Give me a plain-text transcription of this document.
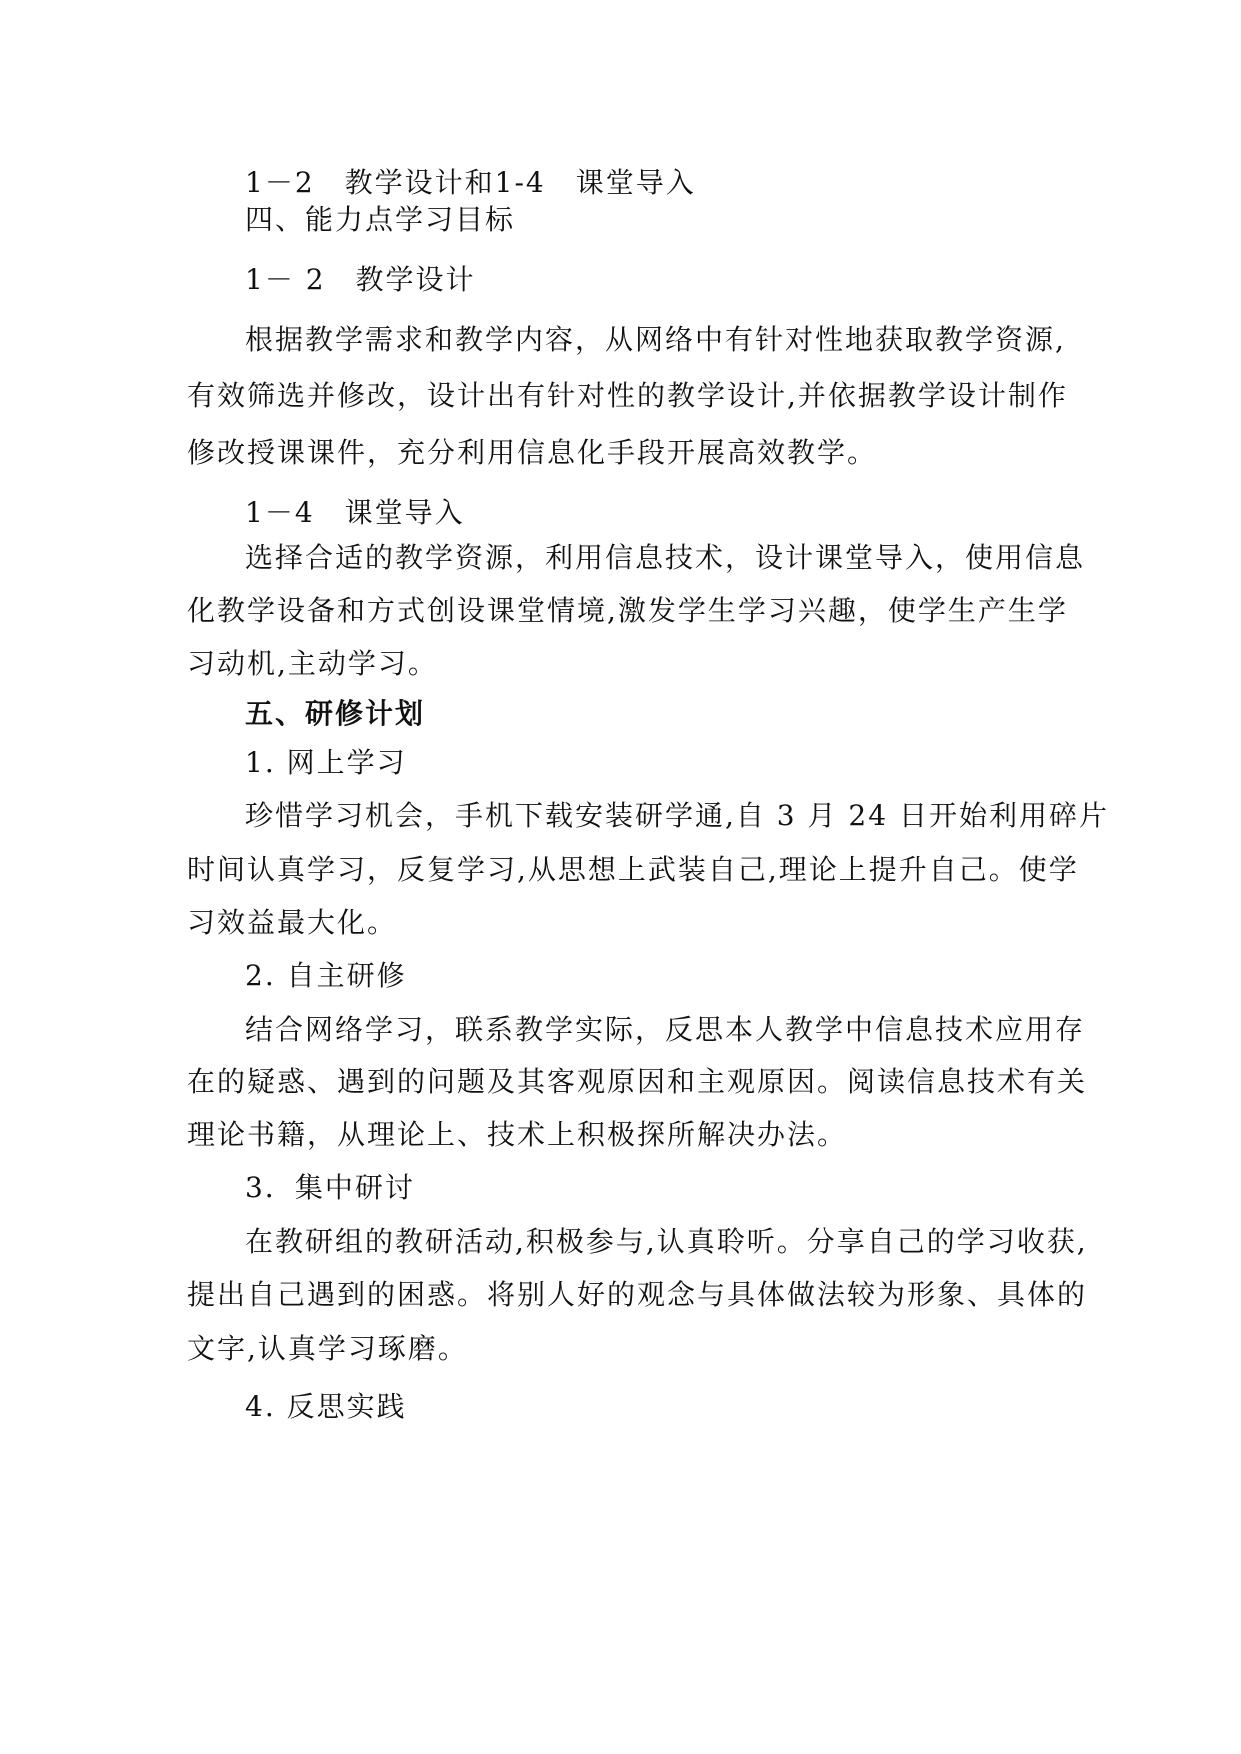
1－2　教学设计和1-4　课堂导入
四、能力点学习目标
1－ 2　教学设计
根据教学需求和教学内容，从网络中有针对性地获取教学资源,
有效筛选并修改，设计出有针对性的教学设计,并依据教学设计制作
修改授课课件，充分利用信息化手段开展高效教学。
1－4　课堂导入
选择合适的教学资源，利用信息技术，设计课堂导入，使用信息
化教学设备和方式创设课堂情境,激发学生学习兴趣，使学生产生学
习动机,主动学习。
五、研修计划
1. 网上学习
珍惜学习机会，手机下载安装研学通,自 3 月 24 日开始利用碎片
时间认真学习，反复学习,从思想上武装自己,理论上提升自己。使学
习效益最大化。
2. 自主研修
结合网络学习，联系教学实际，反思本人教学中信息技术应用存
在的疑惑、遇到的问题及其客观原因和主观原因。阅读信息技术有关
理论书籍，从理论上、技术上积极探所解决办法。
3．集中研讨
在教研组的教研活动,积极参与,认真聆听。分享自己的学习收获,
提出自己遇到的困惑。将别人好的观念与具体做法较为形象、具体的
文字,认真学习琢磨。
4. 反思实践
